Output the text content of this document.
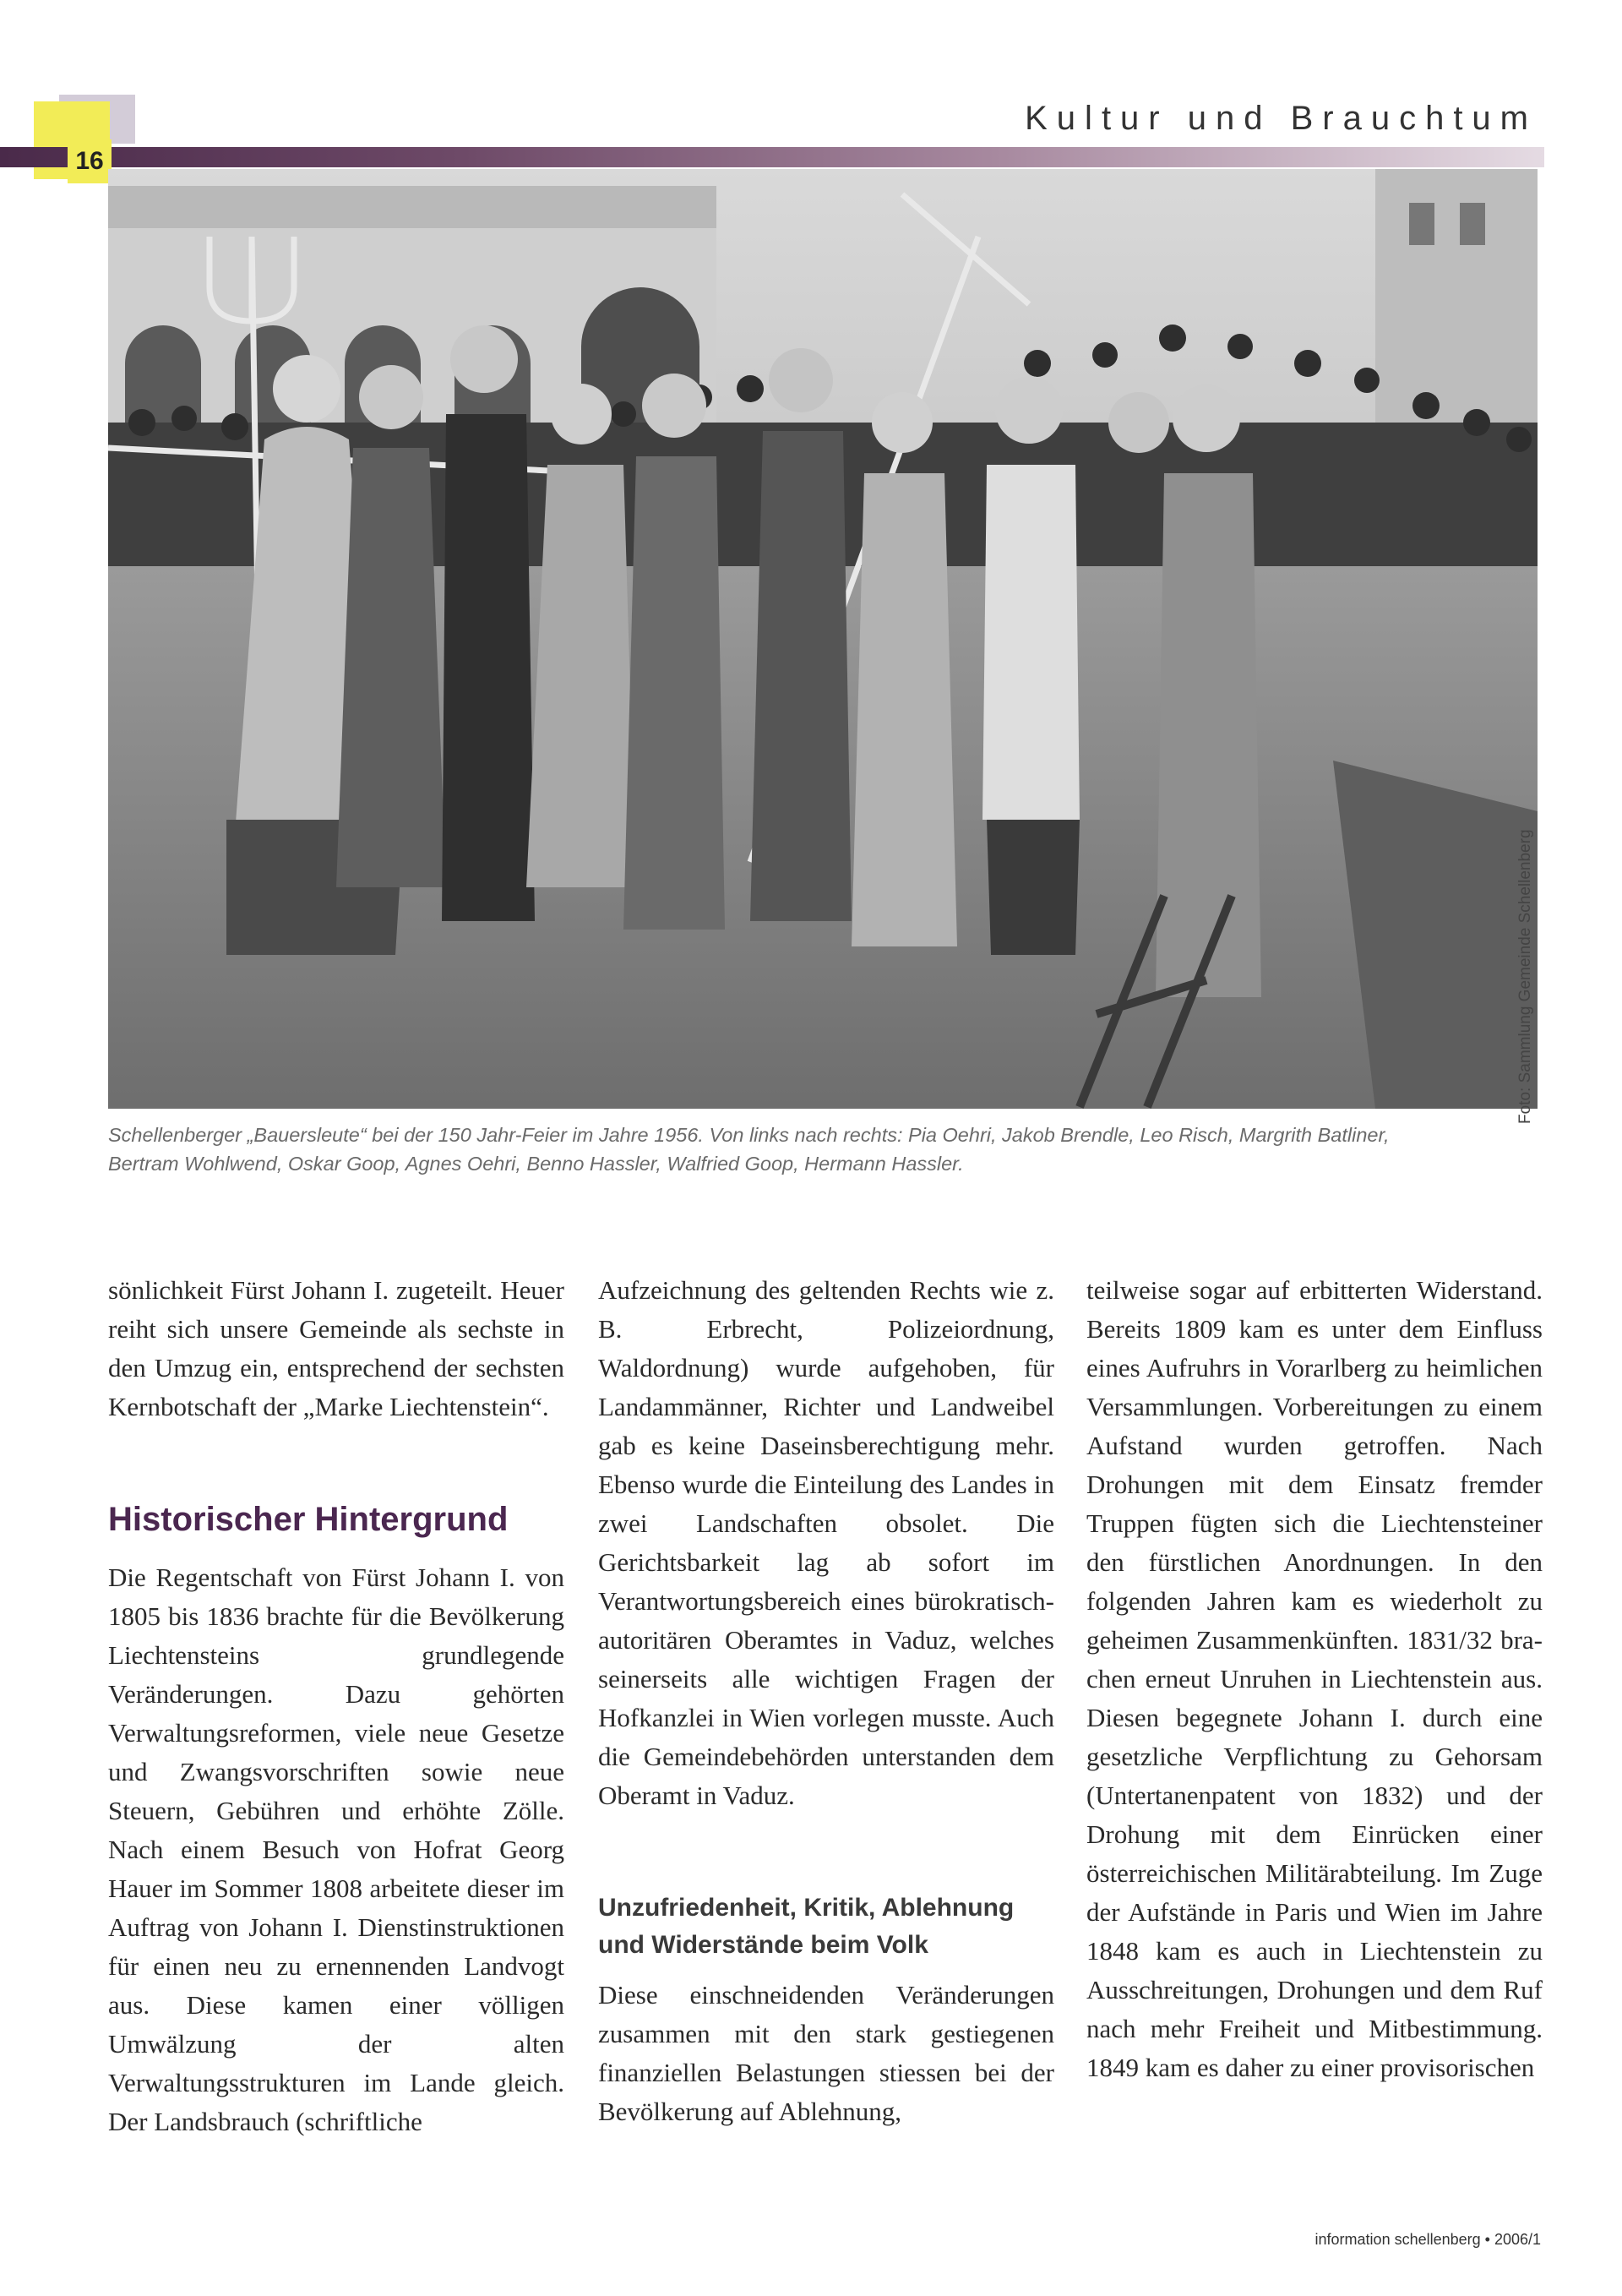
16
Kultur und Brauchtum
Foto: Sammlung Gemeinde Schellenberg

Schellenberger „Bauersleute“ bei der 150 Jahr-Feier im Jahre 1956. Von links nach rechts: Pia Oehri, Jakob Brendle, Leo Risch, Margrith Batliner, Bertram Wohlwend, Oskar Goop, Agnes Oehri, Benno Hassler, Walfried Goop, Hermann Hassler.

sönlichkeit Fürst Johann I. zugeteilt. Heuer reiht sich unsere Gemeinde als sechste in den Umzug ein, entsprechend der sechsten Kernbotschaft der „Marke Liechtenstein“.

Historischer Hintergrund

Die Regentschaft von Fürst Johann I. von 1805 bis 1836 brachte für die Bevölkerung Liechtensteins grundlegende Veränderungen. Dazu gehörten Verwaltungsreformen, viele neue Gesetze und Zwangsvorschriften sowie neue Steuern, Gebühren und erhöhte Zölle. Nach einem Besuch von Hofrat Georg Hauer im Sommer 1808 arbeitete dieser im Auftrag von Johann I. Dienstinstruktionen für einen neu zu ernennenden Landvogt aus. Diese kamen einer völligen Umwälzung der alten Verwaltungsstrukturen im Lande gleich. Der Landsbrauch (schriftliche

Aufzeichnung des geltenden Rechts wie z. B. Erbrecht, Polizeiordnung, Waldordnung) wurde aufgehoben, für Landammänner, Richter und Landweibel gab es keine Daseinsberechtigung mehr. Ebenso wurde die Einteilung des Landes in zwei Landschaften obsolet. Die Gerichtsbarkeit lag ab sofort im Verantwortungsbereich eines bürokratisch-autoritären Oberamtes in Vaduz, welches seinerseits alle wichtigen Fragen der Hofkanzlei in Wien vorlegen musste. Auch die Gemeindebehörden unterstanden dem Oberamt in Vaduz.

Unzufriedenheit, Kritik, Ablehnung und Widerstände beim Volk

Diese einschneidenden Veränderungen zusammen mit den stark gestiegenen finanziellen Belastungen stiessen bei der Bevölkerung auf Ablehnung,

teilweise sogar auf erbitterten Widerstand. Bereits 1809 kam es unter dem Einfluss eines Aufruhrs in Vorarlberg zu heimlichen Versammlungen. Vorbereitungen zu einem Aufstand wurden getroffen. Nach Drohungen mit dem Einsatz fremder Truppen fügten sich die Liechtensteiner den fürstlichen Anordnungen. In den folgenden Jahren kam es wiederholt zu geheimen Zusammenkünften. 1831/32 brachen erneut Unruhen in Liechtenstein aus. Diesen begegnete Johann I. durch eine gesetzliche Verpflichtung zu Gehorsam (Untertanenpatent von 1832) und der Drohung mit dem Einrücken einer österreichischen Militärabteilung. Im Zuge der Aufstände in Paris und Wien im Jahre 1848 kam es auch in Liechtenstein zu Ausschreitungen, Drohungen und dem Ruf nach mehr Freiheit und Mitbestimmung. 1849 kam es daher zu einer provisorischen

information schellenberg • 2006/1
